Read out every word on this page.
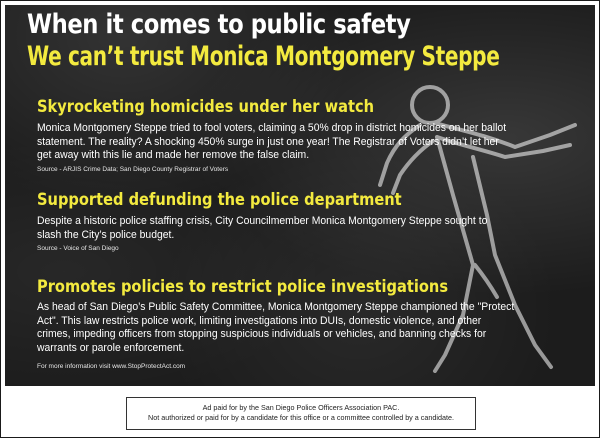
When it comes to public safety
We can’t trust Monica Montgomery Steppe
Skyrocketing homicides under her watch
Monica Montgomery Steppe tried to fool voters, claiming a 50% drop in district homicides on her ballot statement. The reality? A shocking 450% surge in just one year! The Registrar of Voters didn’t let her get away with this lie and made her remove the false claim.
Source - ARJIS Crime Data; San Diego County Registrar of Voters
Supported defunding the police department
Despite a historic police staffing crisis, City Councilmember Monica Montgomery Steppe sought to slash the City’s police budget.
Source - Voice of San Diego
Promotes policies to restrict police investigations
As head of San Diego’s Public Safety Committee, Monica Montgomery Steppe championed the "Protect Act". This law restricts police work, limiting investigations into DUIs, domestic violence, and other crimes, impeding officers from stopping suspicious individuals or vehicles, and banning checks for warrants or parole enforcement.
For more information visit www.StopProtectAct.com
Ad paid for by the San Diego Police Officers Association PAC.
Not authorized or paid for by a candidate for this office or a committee controlled by a candidate.
